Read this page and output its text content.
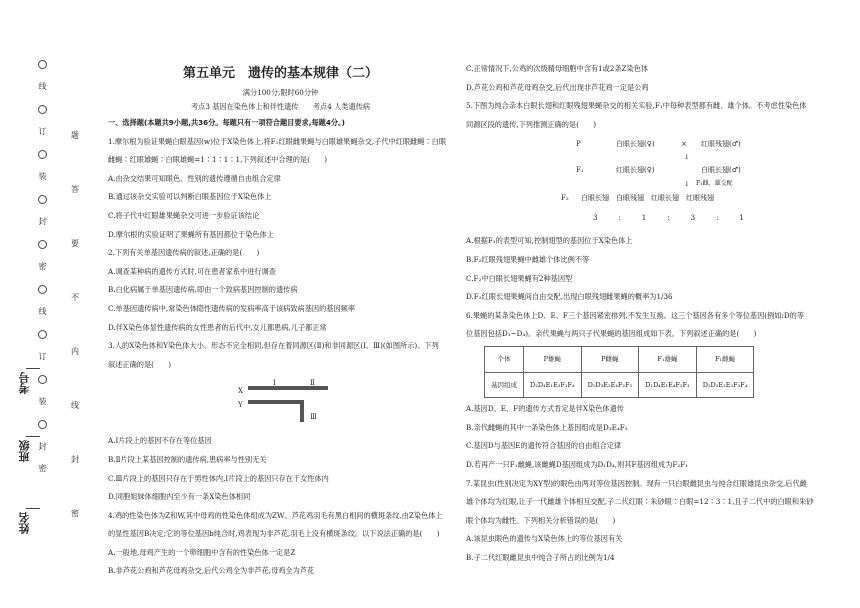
线
订
装
封
密
线
订
装
封
密
题
答
要
不
内
线
封
密
考号
班级
姓名
第五单元　遗传的基本规律（二）

满分100分,限时60分钟

考点3 基因在染色体上和伴性遗传　　考点4 人类遗传病

一、选择题(本题共9小题,共36分。每题只有一项符合题目要求,每题4分。)

1.摩尔根为验证果蝇白眼基因(w)位于X染色体上,将F₁红眼雌果蝇与白眼雄果蝇杂交,子代中红眼雌蝇∶白眼

雌蝇∶红眼雄蝇∶白眼雄蝇=1∶1∶1∶1,下列叙述中合理的是(　　)

A.由杂交结果可知眼色、性别的遗传遵循自由组合定律

B.通过该杂交实验可以判断白眼基因位于X染色体上

C.将子代中红眼雄果蝇杂交可进一步验证该结论

D.摩尔根的实验证明了果蝇所有基因都位于染色体上

2.下列有关单基因遗传病的叙述,正确的是(　　)

A.调查某种病的遗传方式时,可在患者家系中进行调查

B.白化病属于单基因遗传病,即由一个致病基因控制的遗传病

C.单基因遗传病中,常染色体隐性遗传病的发病率高于该病致病基因的基因频率

D.伴X染色体显性遗传病的女性患者的后代中,女儿都患病,儿子都正常

3.人的X染色体和Y染色体大小、形态不完全相同,但存在着同源区(Ⅱ)和非同源区(Ⅰ、Ⅲ)(如图所示)。下列

叙述正确的是(　　)

X
Y
Ⅰ	Ⅱ
Ⅲ

A.Ⅰ片段上的基因不存在等位基因

B.Ⅱ片段上某基因控制的遗传病,患病率与性别无关

C.Ⅲ片段上的基因只存在于男性体内,Ⅰ片段上的基因只存在于女性体内

D.同胞姐妹体细胞内至少有一条X染色体相同

4.鸡的性染色体为Z和W,其中母鸡的性染色体组成为ZW。芦花鸡羽毛有黑白相间的横斑条纹,由Z染色体上

的显性基因B决定;它的等位基因b纯合时,鸡表现为非芦花,羽毛上没有横斑条纹。以下说法正确的是(　　)

A.一般地,母鸡产生的一个卵细胞中含有的性染色体一定是Z

B.非芦花公鸡和芦花母鸡杂交,后代公鸡全为非芦花,母鸡全为芦花

C.正常情况下,公鸡的次级精母细胞中含有1或2条Z染色体

D.芦花公鸡和芦花母鸡杂交,后代出现非芦花鸡一定是公鸡

5.下图为纯合亲本白眼长翅和红眼残翅果蝇杂交的相关实验,F₁中每种表型都有雌、雄个体。不考虑性染色体

同源区段的遗传,下列推测正确的是(　　)

P	白眼长翅(♀)	× 红眼残翅(♂)
↓
F₁	红眼长翅(♀)	白眼长翅(♂)
↓ F₁雌、雄交配
F₂ 白眼长翅　白眼残翅　红眼长翅　红眼残翅
3　　　:　　　1　　　:　　　3　　　:　　　1

A.根据F₁的表型可知,控制翅型的基因位于X染色体上

B.F₂红眼残翅果蝇中雌雄个体比例不等

C.F₂中白眼长翅果蝇有2种基因型

D.F₂红眼长翅果蝇间自由交配,出现白眼残翅雌果蝇的概率为1/36

6.果蝇的某条染色体上D、E、F三个基因紧密排列,不发生互换。这三个基因各有多个等位基因(例如:D的等

位基因包括D₁~D₄)。亲代果蝇与两只子代果蝇的基因组成如下表。下列叙述正确的是(　　)

个体	P雄蝇	P雌蝇	F₁雄蝇	F₁雌蝇
基因组成	D₂D₄E₁E₃F₁F₄	D₁D₃E₂E₄F₂F₃	D₁D₄E₁E₄F₂F₁	D₂D₃E₂E₃F₃F₄

A.基因D、E、F的遗传方式肯定是伴X染色体遗传

B.亲代雌蝇的其中一条染色体上基因组成是D₃E₄F₃

C.基因D与基因E的遗传符合基因的自由组合定律

D.若再产一只F₁雌蝇,该雌蝇D基因组成为D₁D₄,则其F基因组成为F₂F₁

7.某昆虫(性别决定为XY型)的眼色由两对等位基因控制。现有一只白眼雌昆虫与纯合红眼雄昆虫杂交,后代雌

雄个体均为红眼,让子一代雌雄个体相互交配,子二代红眼∶朱砂眼∶白眼=12∶3∶1,且子二代中的白眼和朱砂

眼个体均为雌性。下列相关分析错误的是(　　)

A.该昆虫眼色的遗传与X染色体上的等位基因有关

B.子二代红眼雌昆虫中纯合子所占的比例为1/4
